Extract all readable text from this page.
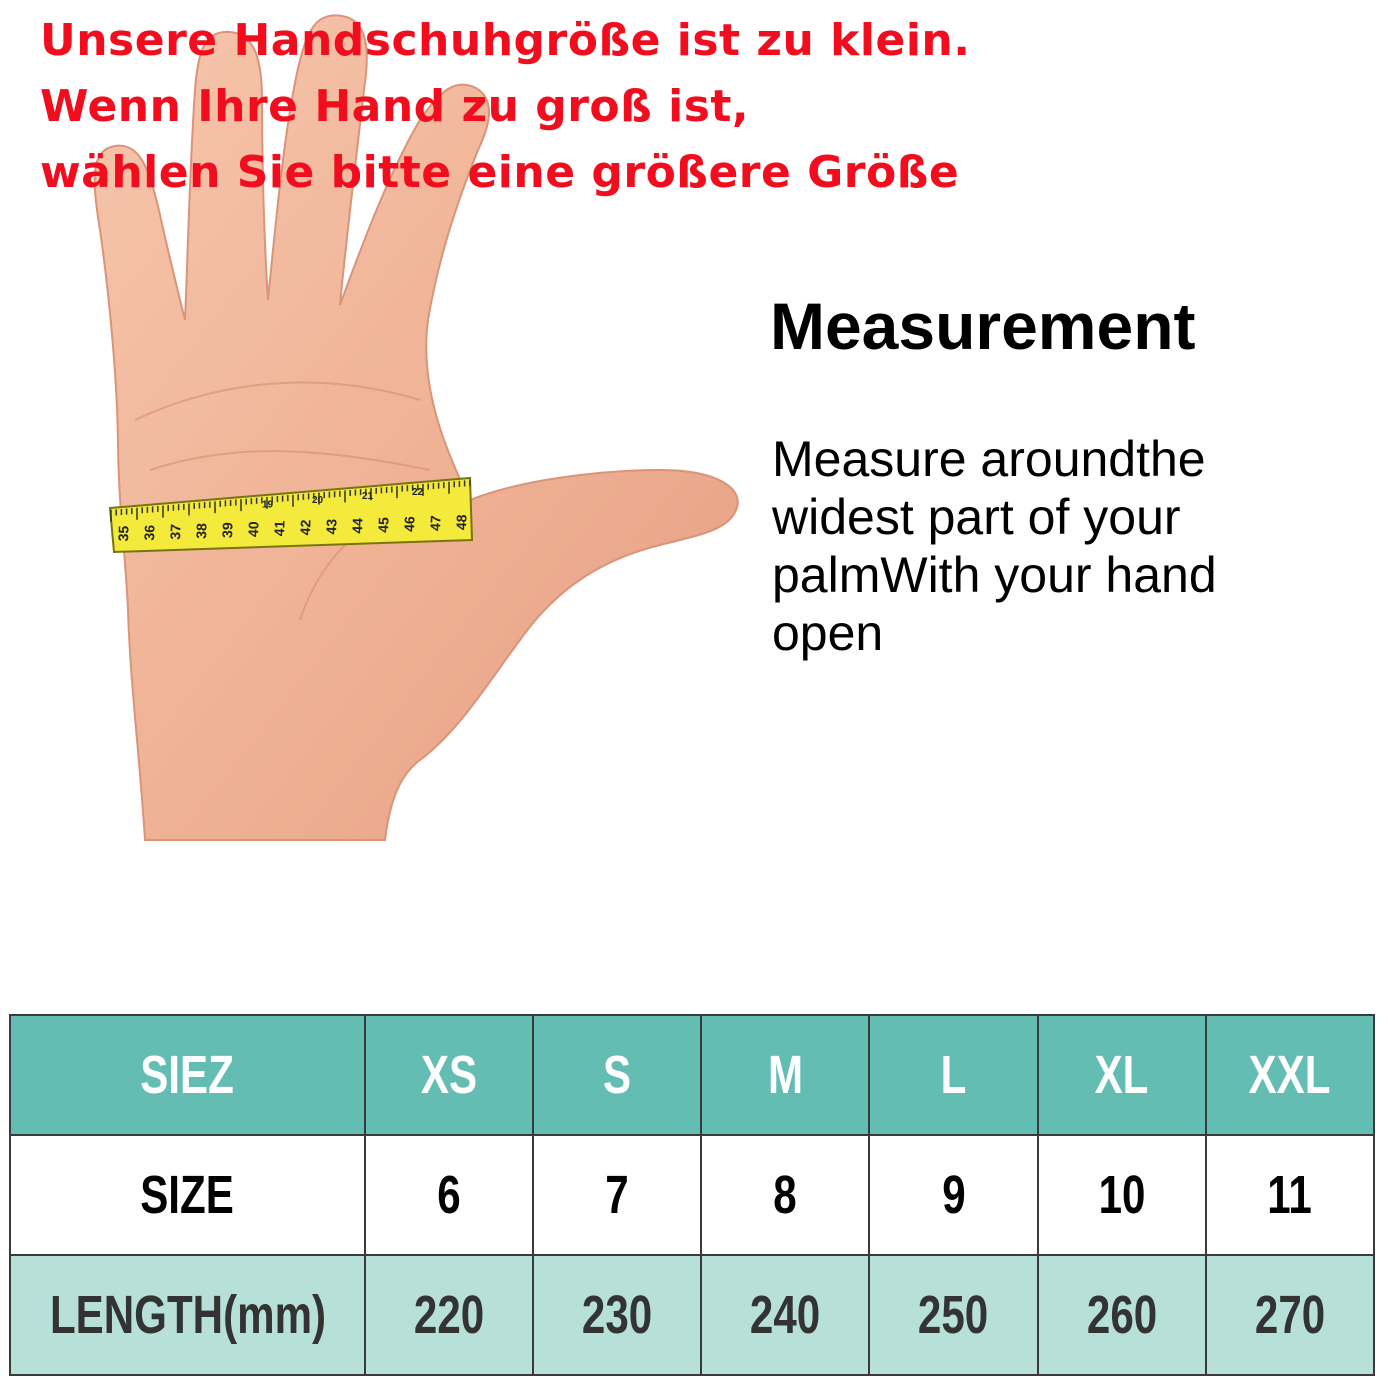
35 36 37 38 39 40 41 42 43 44 45 46 47 48
19	20	21	22

Unsere Handschuhgröße ist zu klein.
Wenn Ihre Hand zu groß ist,
wählen Sie bitte eine größere Größe

Measurement

Measure aroundthe widest part of your palmWith your hand open

SIEZ	XS	S	M	L	XL	XXL
SIZE	6	7	8	9	10	11
LENGTH(mm)	220	230	240	250	260	270
